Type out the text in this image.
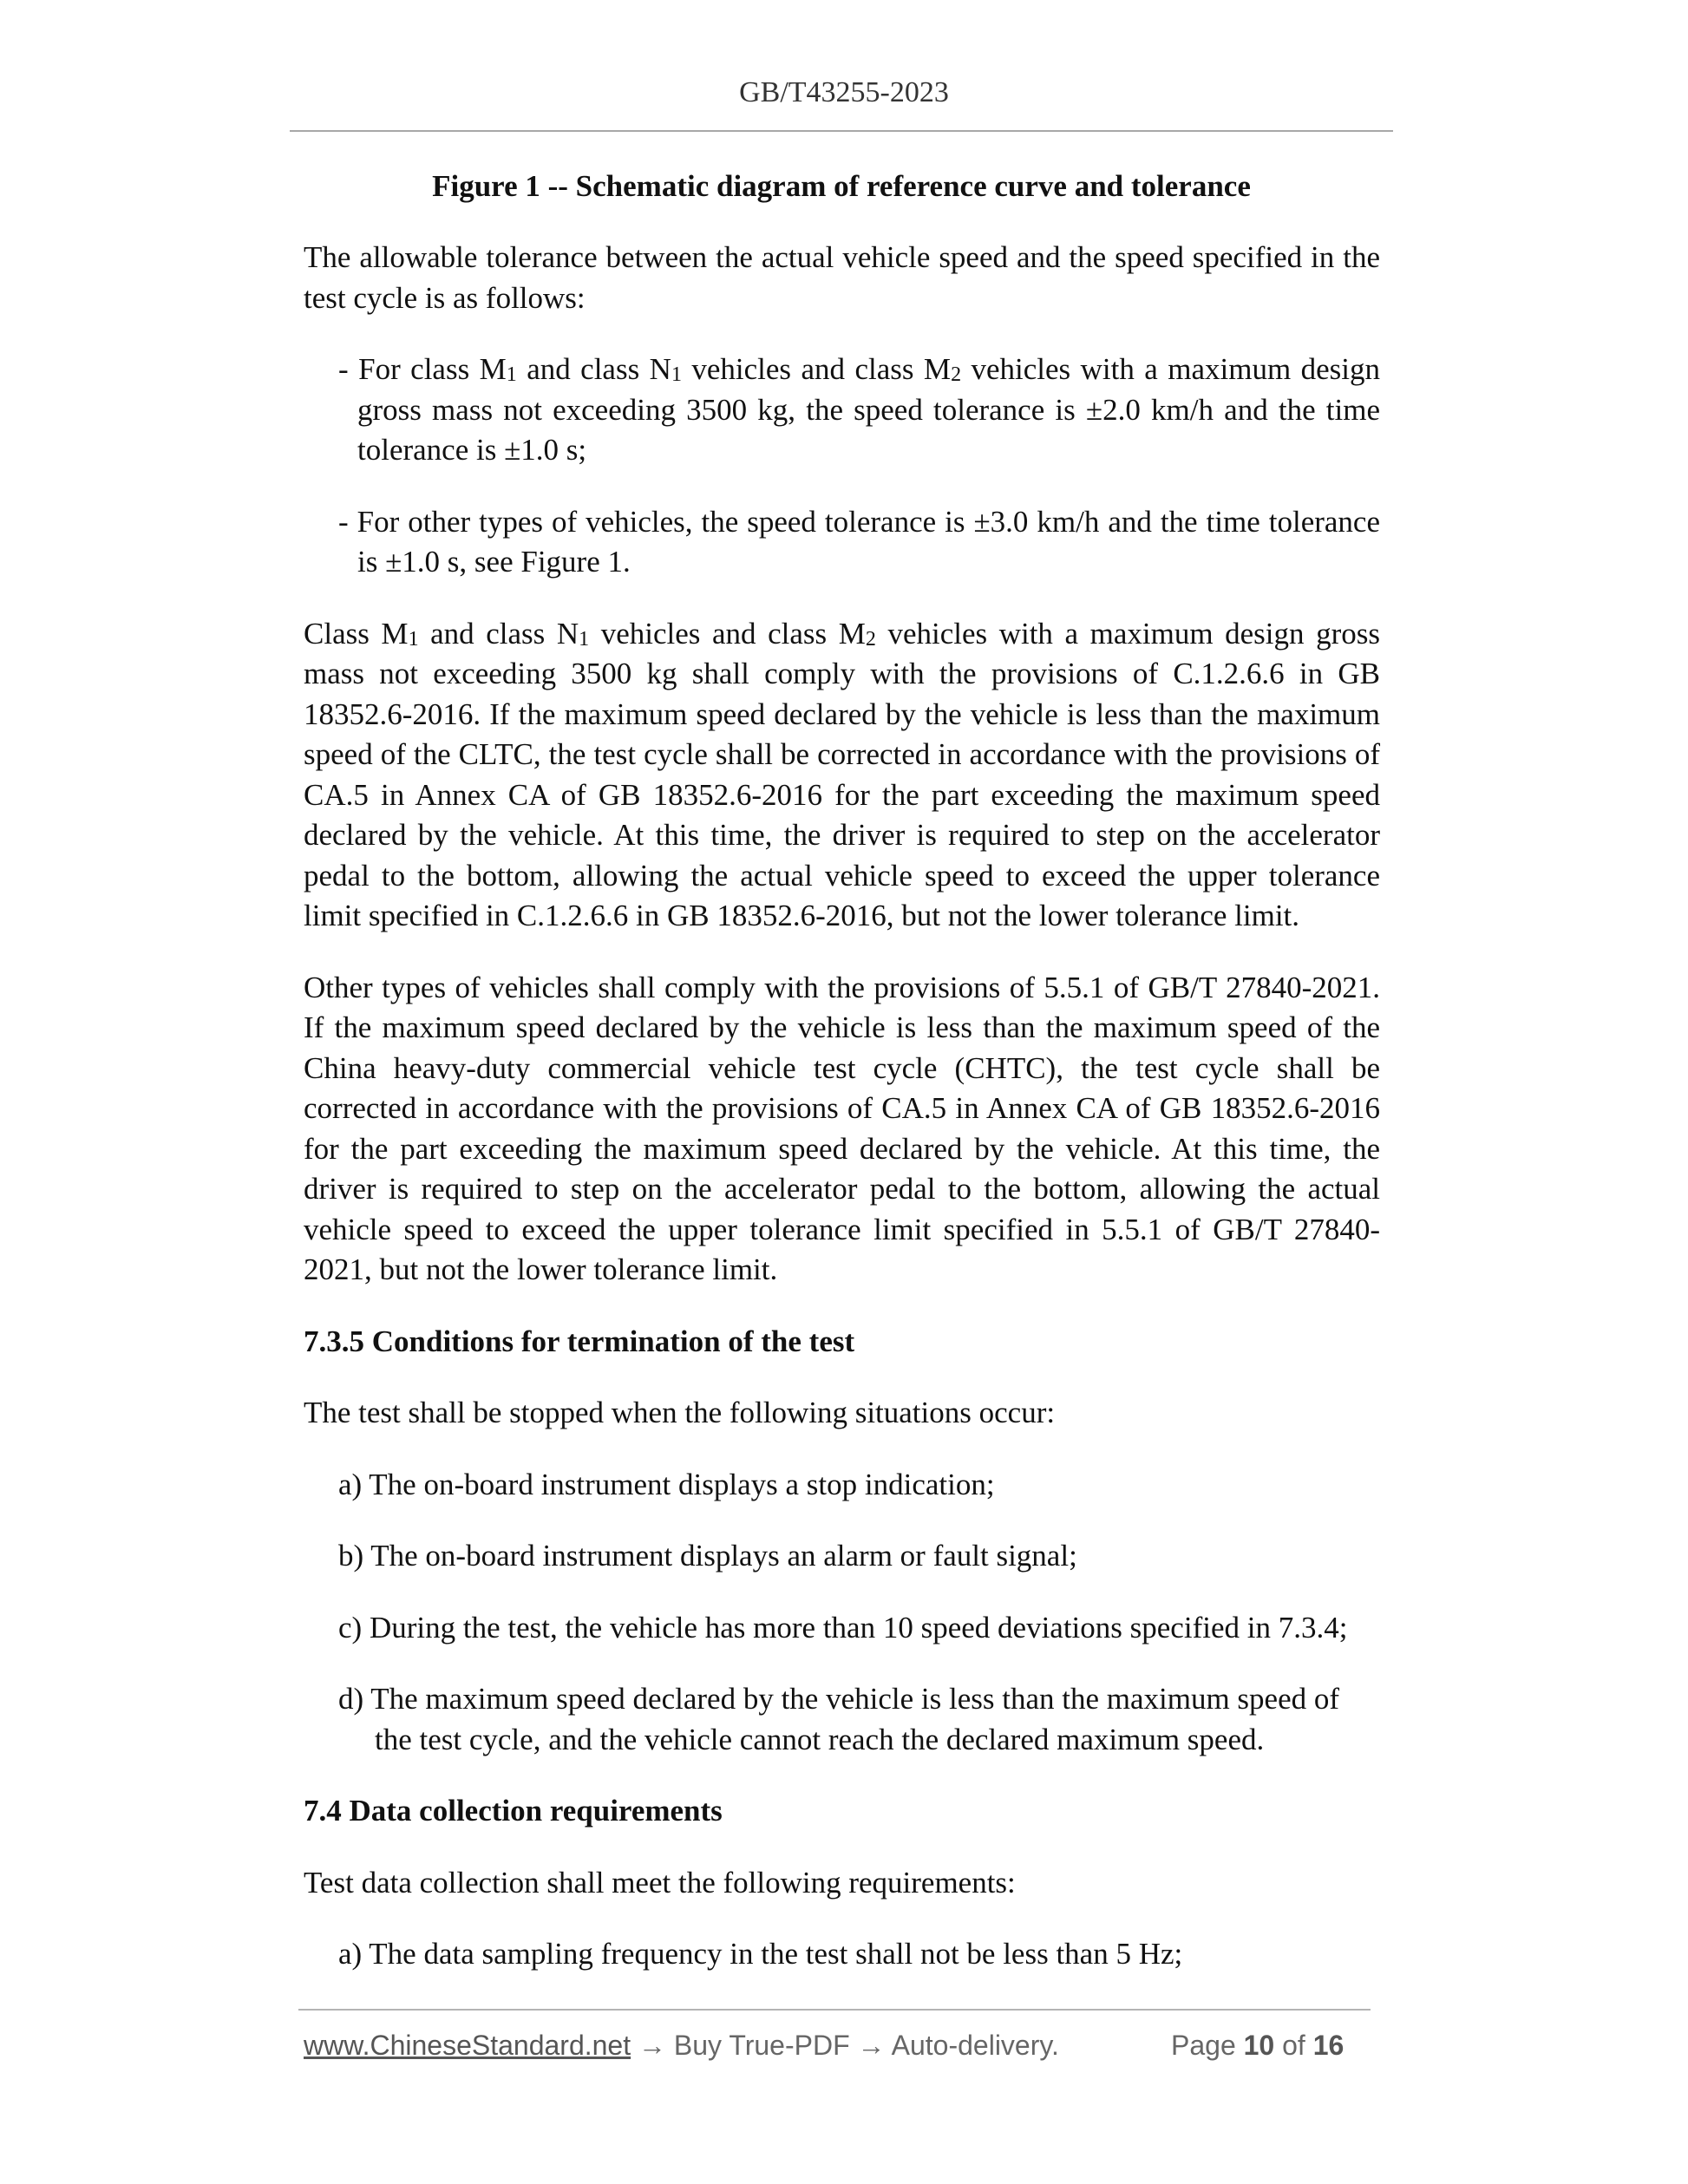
GB/T43255-2023
Figure 1 -- Schematic diagram of reference curve and tolerance

The allowable tolerance between the actual vehicle speed and the speed specified in the test cycle is as follows:

- For class $M_1$ and class $N_1$ vehicles and class $M_2$ vehicles with a maximum design gross mass not exceeding 3500 kg, the speed tolerance is ±2.0 km/h and the time tolerance is ±1.0 s;

- For other types of vehicles, the speed tolerance is ±3.0 km/h and the time tolerance is ±1.0 s, see Figure 1.

Class $M_1$ and class $N_1$ vehicles and class $M_2$ vehicles with a maximum design gross mass not exceeding 3500 kg shall comply with the provisions of C.1.2.6.6 in GB 18352.6-2016. If the maximum speed declared by the vehicle is less than the maximum speed of the CLTC, the test cycle shall be corrected in accordance with the provisions of CA.5 in Annex CA of GB 18352.6-2016 for the part exceeding the maximum speed declared by the vehicle. At this time, the driver is required to step on the accelerator pedal to the bottom, allowing the actual vehicle speed to exceed the upper tolerance limit specified in C.1.2.6.6 in GB 18352.6-2016, but not the lower tolerance limit.

Other types of vehicles shall comply with the provisions of 5.5.1 of GB/T 27840-2021. If the maximum speed declared by the vehicle is less than the maximum speed of the China heavy-duty commercial vehicle test cycle (CHTC), the test cycle shall be corrected in accordance with the provisions of CA.5 in Annex CA of GB 18352.6-2016 for the part exceeding the maximum speed declared by the vehicle. At this time, the driver is required to step on the accelerator pedal to the bottom, allowing the actual vehicle speed to exceed the upper tolerance limit specified in 5.5.1 of GB/T 27840-2021, but not the lower tolerance limit.

7.3.5 Conditions for termination of the test

The test shall be stopped when the following situations occur:

a) The on-board instrument displays a stop indication;

b) The on-board instrument displays an alarm or fault signal;

c) During the test, the vehicle has more than 10 speed deviations specified in 7.3.4;

d) The maximum speed declared by the vehicle is less than the maximum speed of the test cycle, and the vehicle cannot reach the declared maximum speed.

7.4 Data collection requirements

Test data collection shall meet the following requirements:

a) The data sampling frequency in the test shall not be less than 5 Hz;

www.ChineseStandard.net → Buy True-PDF → Auto-delivery.	Page 10 of 16
